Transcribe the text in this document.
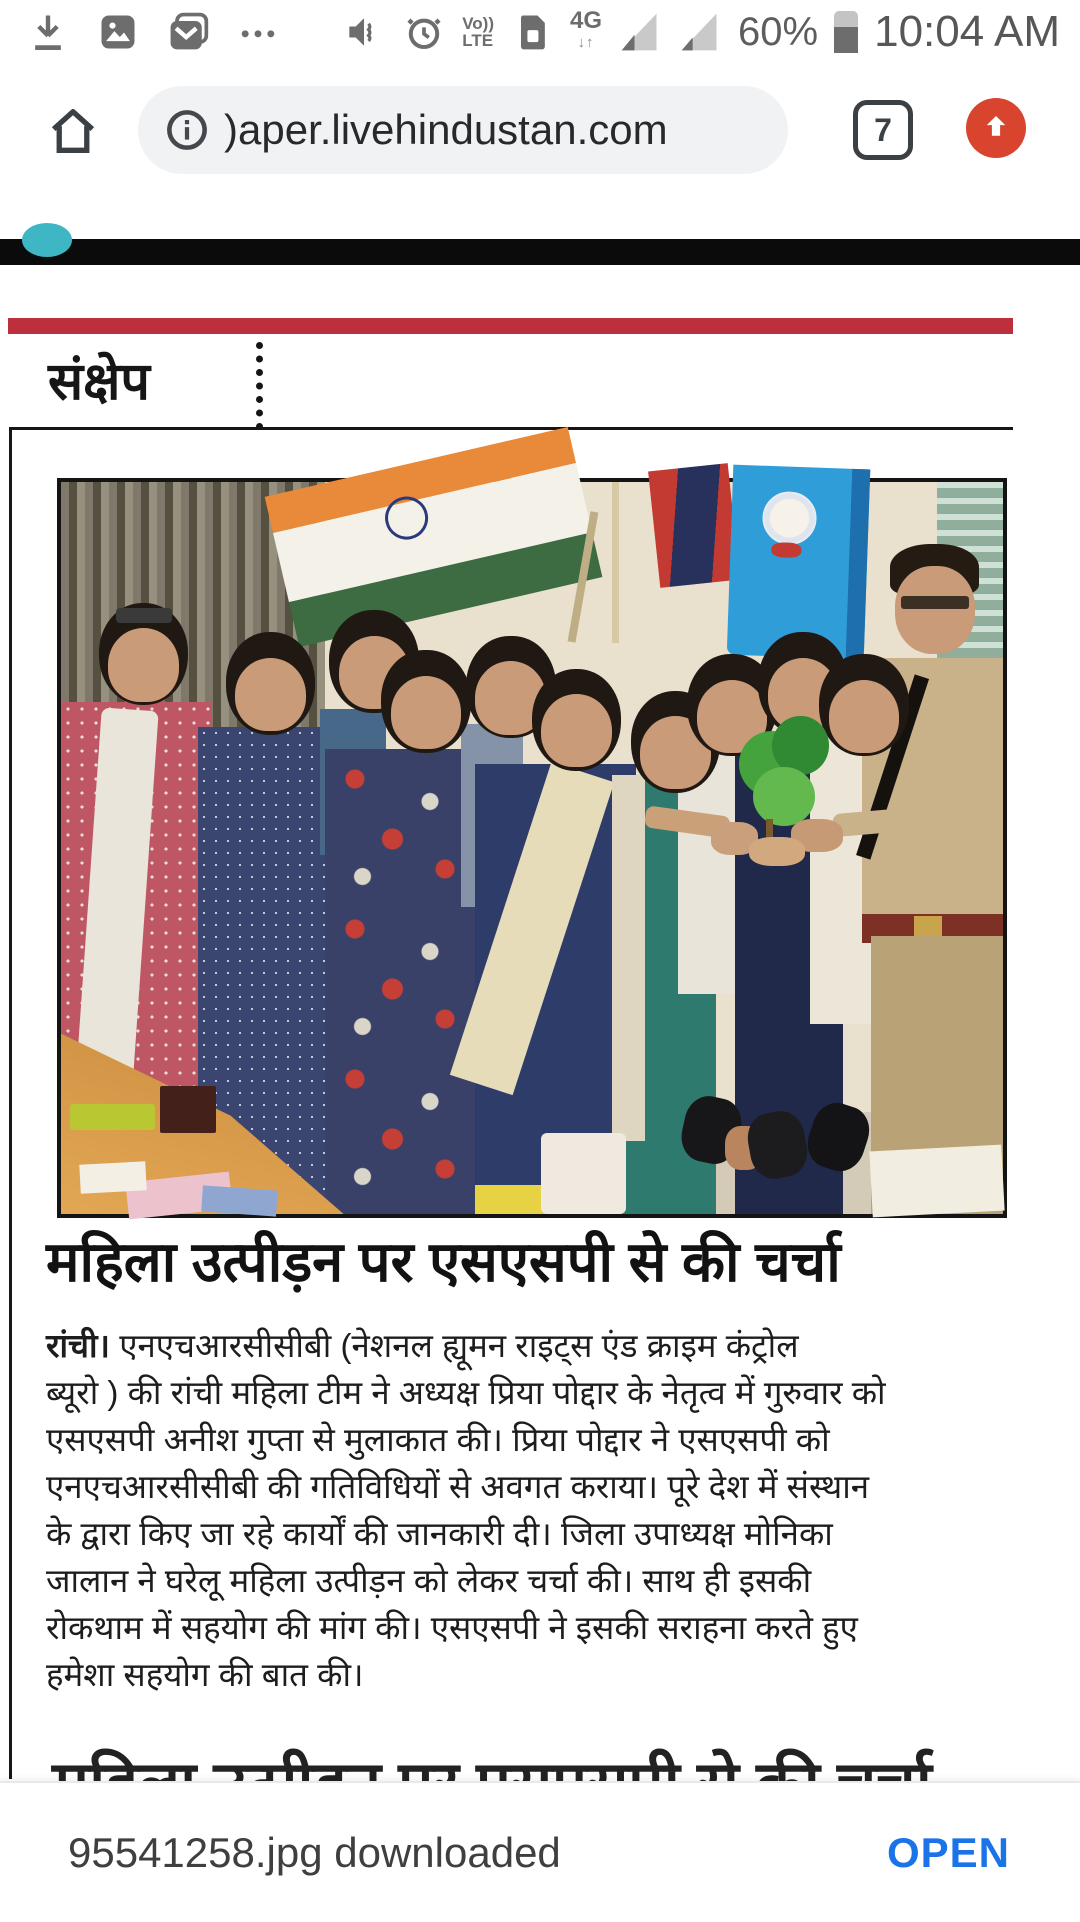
Vo))
LTE
4G
↓↑	60% 10:04 AM
)aper.livehindustan.com	7
संक्षेप
महिला उत्पीड़न पर एसएसपी से की चर्चा
रांची। एनएचआरसीसीबी (नेशनल ह्यूमन राइट्स एंड क्राइम कंट्रोल
ब्यूरो ) की रांची महिला टीम ने अध्यक्ष प्रिया पोद्दार के नेतृत्व में गुरुवार को
एसएसपी अनीश गुप्ता से मुलाकात की। प्रिया पोद्दार ने एसएसपी को
एनएचआरसीसीबी की गतिविधियों से अवगत कराया। पूरे देश में संस्थान
के द्वारा किए जा रहे कार्यों की जानकारी दी। जिला उपाध्यक्ष मोनिका
जालान ने घरेलू महिला उत्पीड़न को लेकर चर्चा की। साथ ही इसकी
रोकथाम में सहयोग की मांग की। एसएसपी ने इसकी सराहना करते हुए
हमेशा सहयोग की बात की।
95541258.jpg downloaded	OPEN
